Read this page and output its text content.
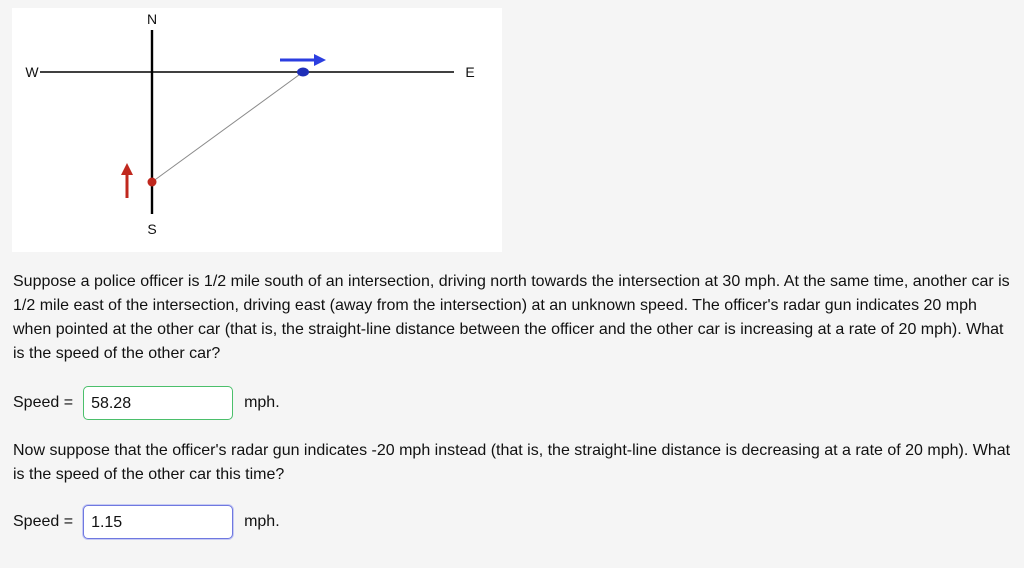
N
S
W	E
Suppose a police officer is 1/2 mile south of an intersection, driving north towards the intersection at 30 mph. At the same time, another car is 1/2 mile east of the intersection, driving east (away from the intersection) at an unknown speed. The officer's radar gun indicates 20 mph when pointed at the other car (that is, the straight-line distance between the officer and the other car is increasing at a rate of 20 mph). What is the speed of the other car?
Speed = 58.28	mph.
Now suppose that the officer's radar gun indicates -20 mph instead (that is, the straight-line distance is decreasing at a rate of 20 mph). What is the speed of the other car this time?
Speed = 1.15	mph.
